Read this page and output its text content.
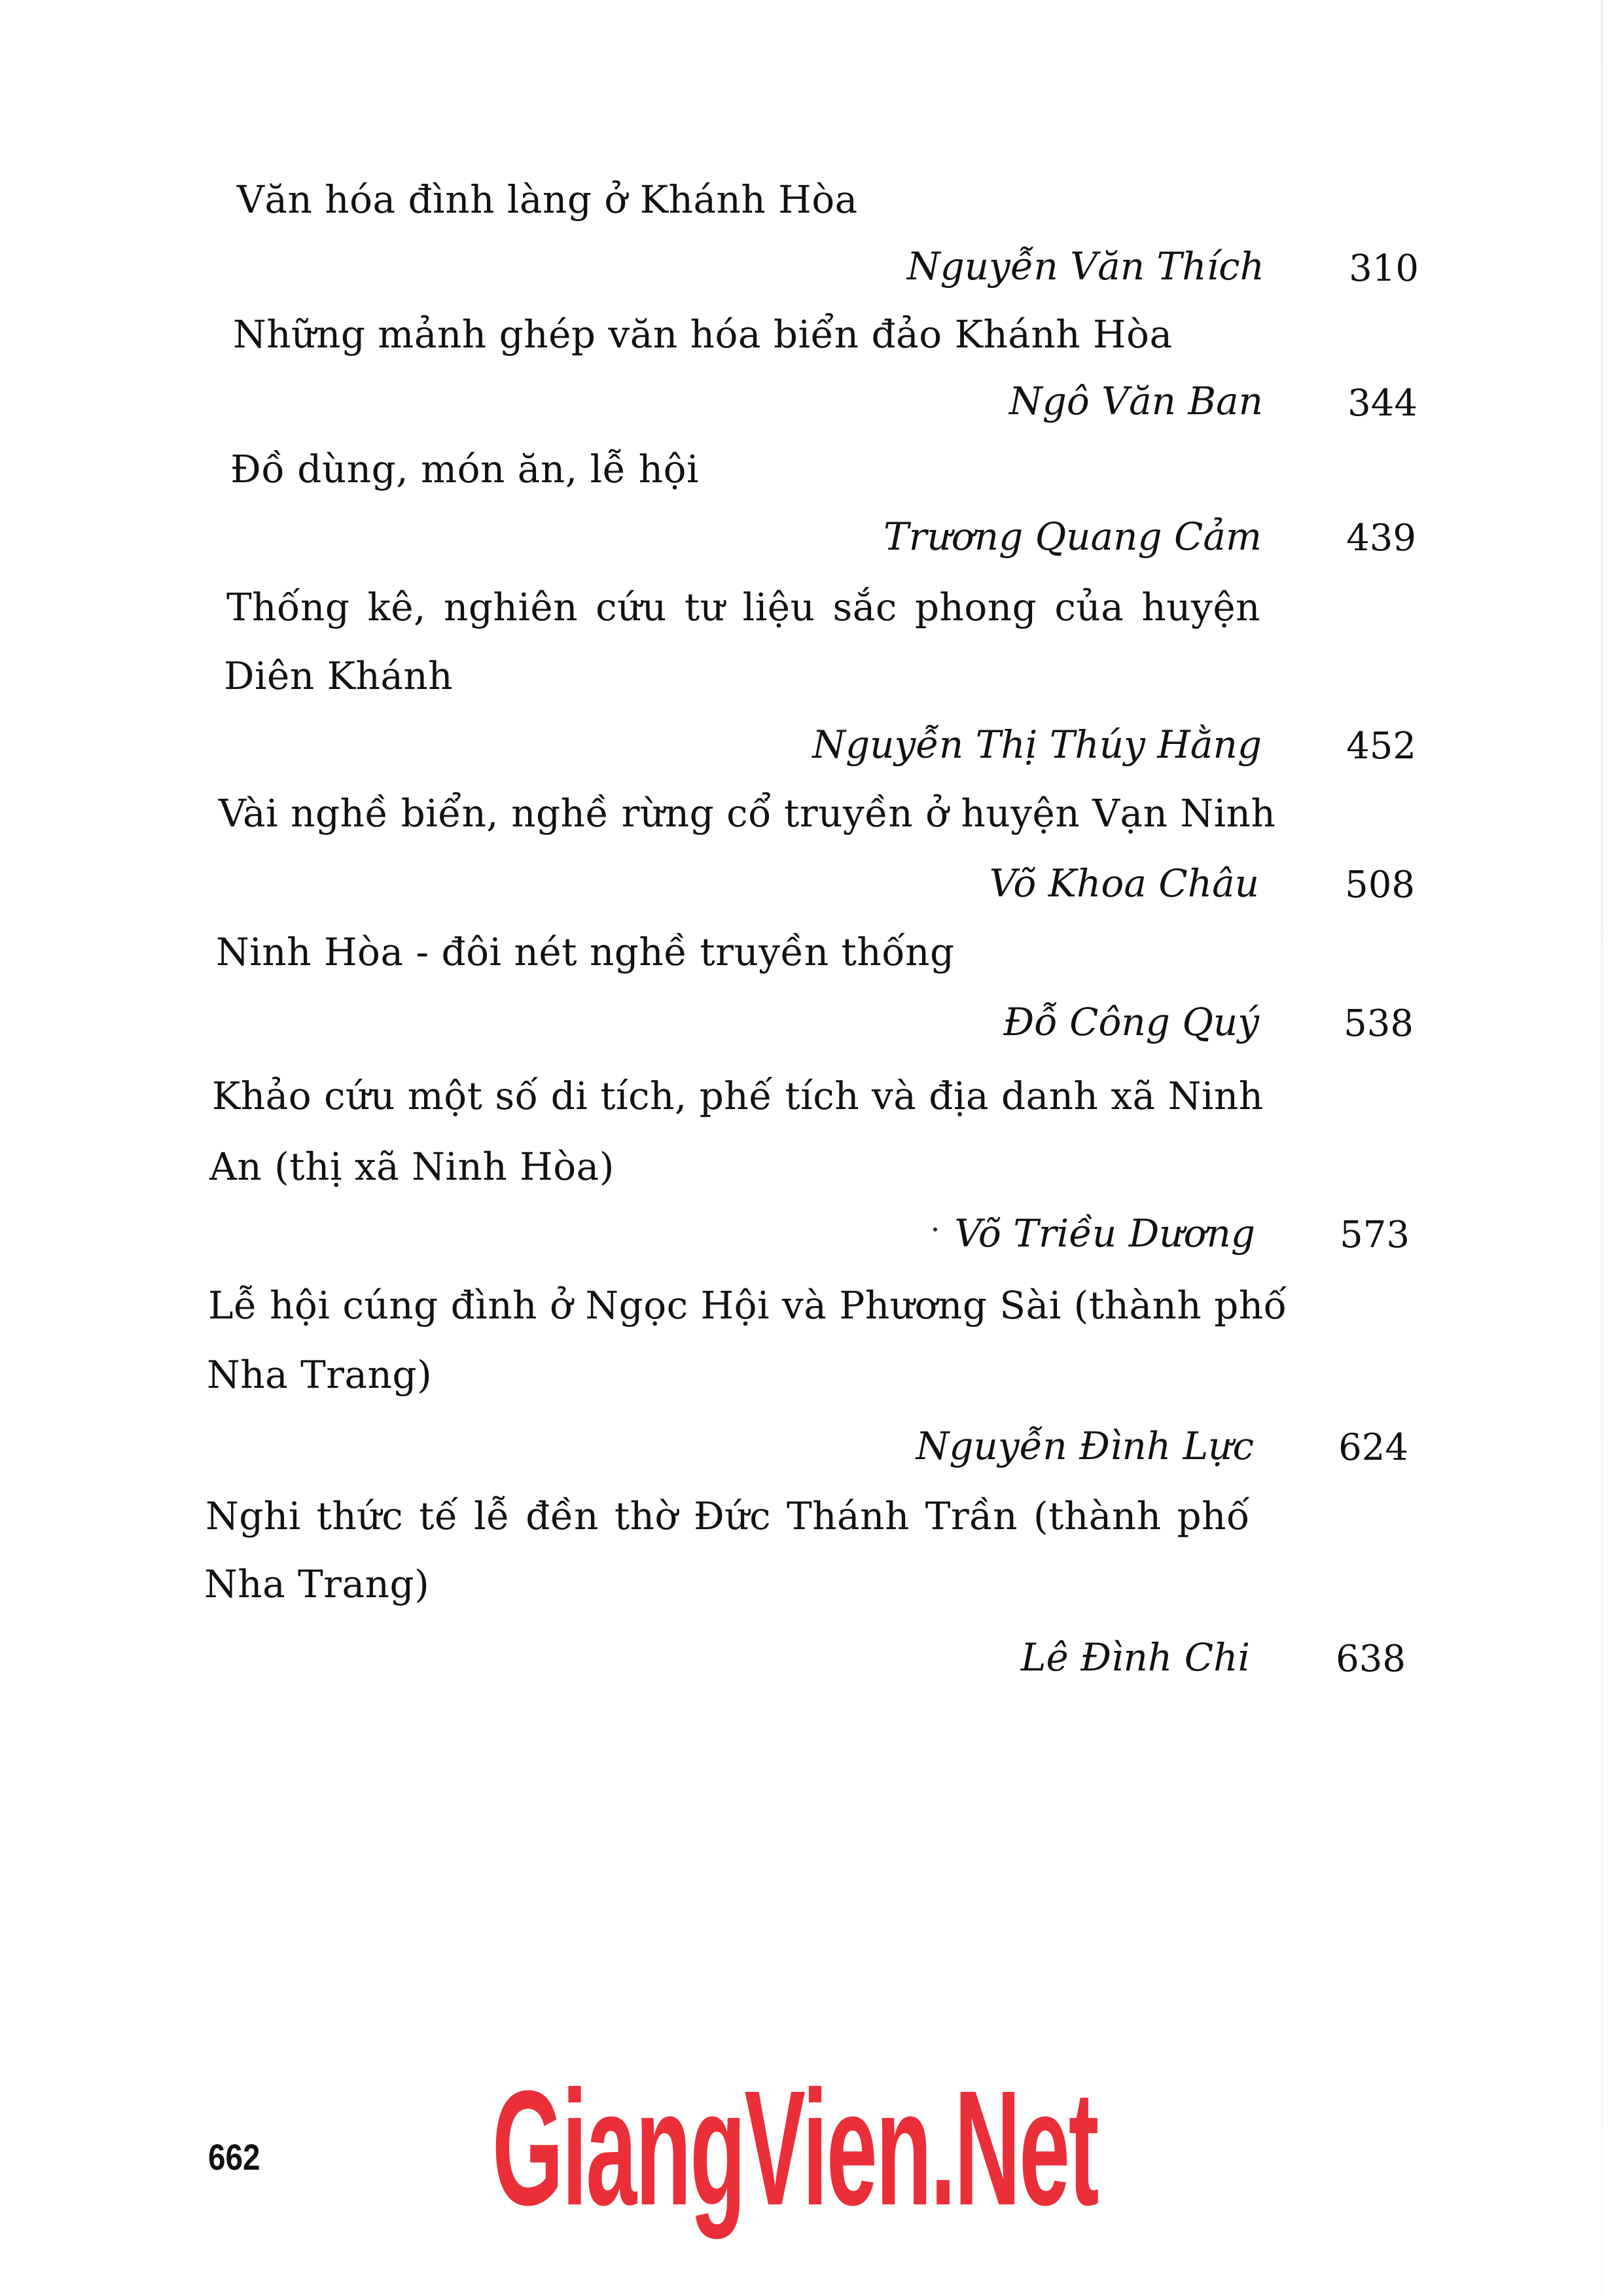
Văn hóa đình làng ở Khánh Hòa
Nguyễn Văn Thích 310
Những mảnh ghép văn hóa biển đảo Khánh Hòa
Ngô Văn Ban 344
Đồ dùng, món ăn, lễ hội
Trương Quang Cảm 439
Thống kê, nghiên cứu tư liệu sắc phong của huyện
Diên Khánh
Nguyễn Thị Thúy Hằng 452
Vài nghề biển, nghề rừng cổ truyền ở huyện Vạn Ninh
Võ Khoa Châu 508
Ninh Hòa - đôi nét nghề truyền thống
Đỗ Công Quý 538
Khảo cứu một số di tích, phế tích và địa danh xã Ninh
An (thị xã Ninh Hòa)
Võ Triều Dương 573
Lễ hội cúng đình ở Ngọc Hội và Phương Sài (thành phố
Nha Trang)
Nguyễn Đình Lực 624
Nghi thức tế lễ đền thờ Đức Thánh Trần (thành phố
Nha Trang)
Lê Đình Chi 638
662 GiangVien.Net
